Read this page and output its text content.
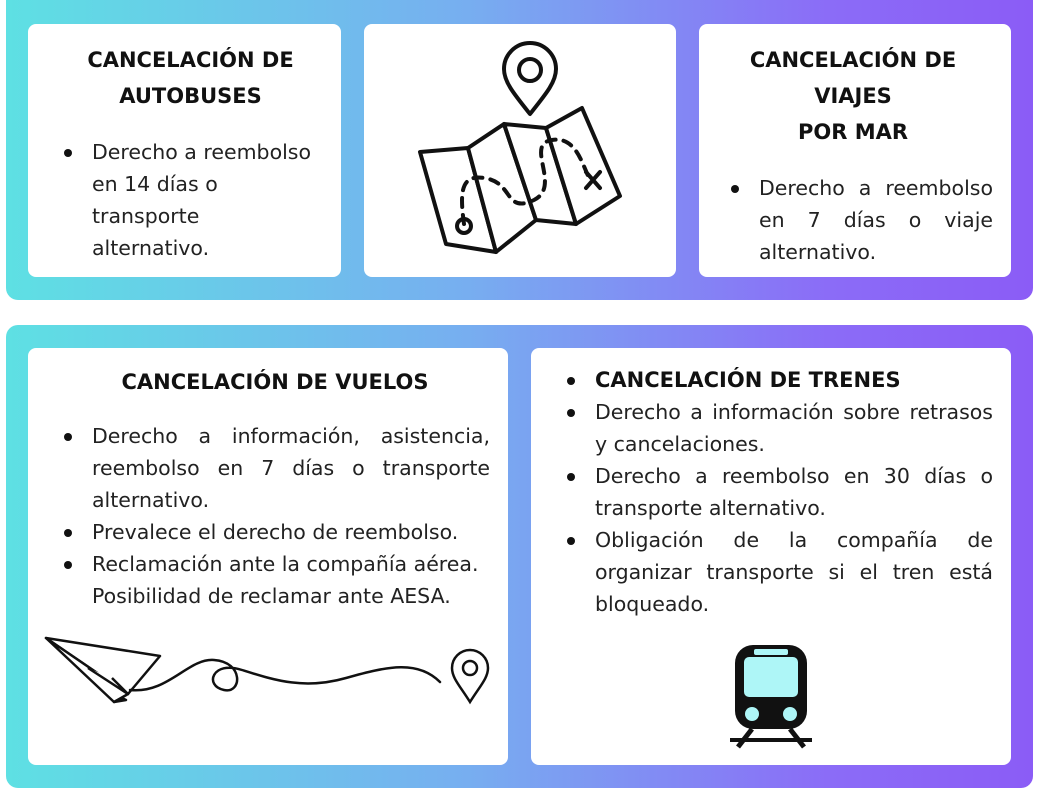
CANCELACIÓN DE
AUTOBUSES

Derecho a reembolso en 14 días o transporte alternativo.

CANCELACIÓN DE VIAJES
POR MAR

Derecho a reembolso en 7 días o viaje alternativo.

CANCELACIÓN DE VUELOS

Derecho a información, asistencia, reembolso en 7 días o transporte alternativo.
Prevalece el derecho de reembolso.
Reclamación ante la compañía aérea. Posibilidad de reclamar ante AESA.
CANCELACIÓN DE TRENES
Derecho a información sobre retrasos y cancelaciones.
Derecho a reembolso en 30 días o transporte alternativo.
Obligación de la compañía de organizar transporte si el tren está bloqueado.
